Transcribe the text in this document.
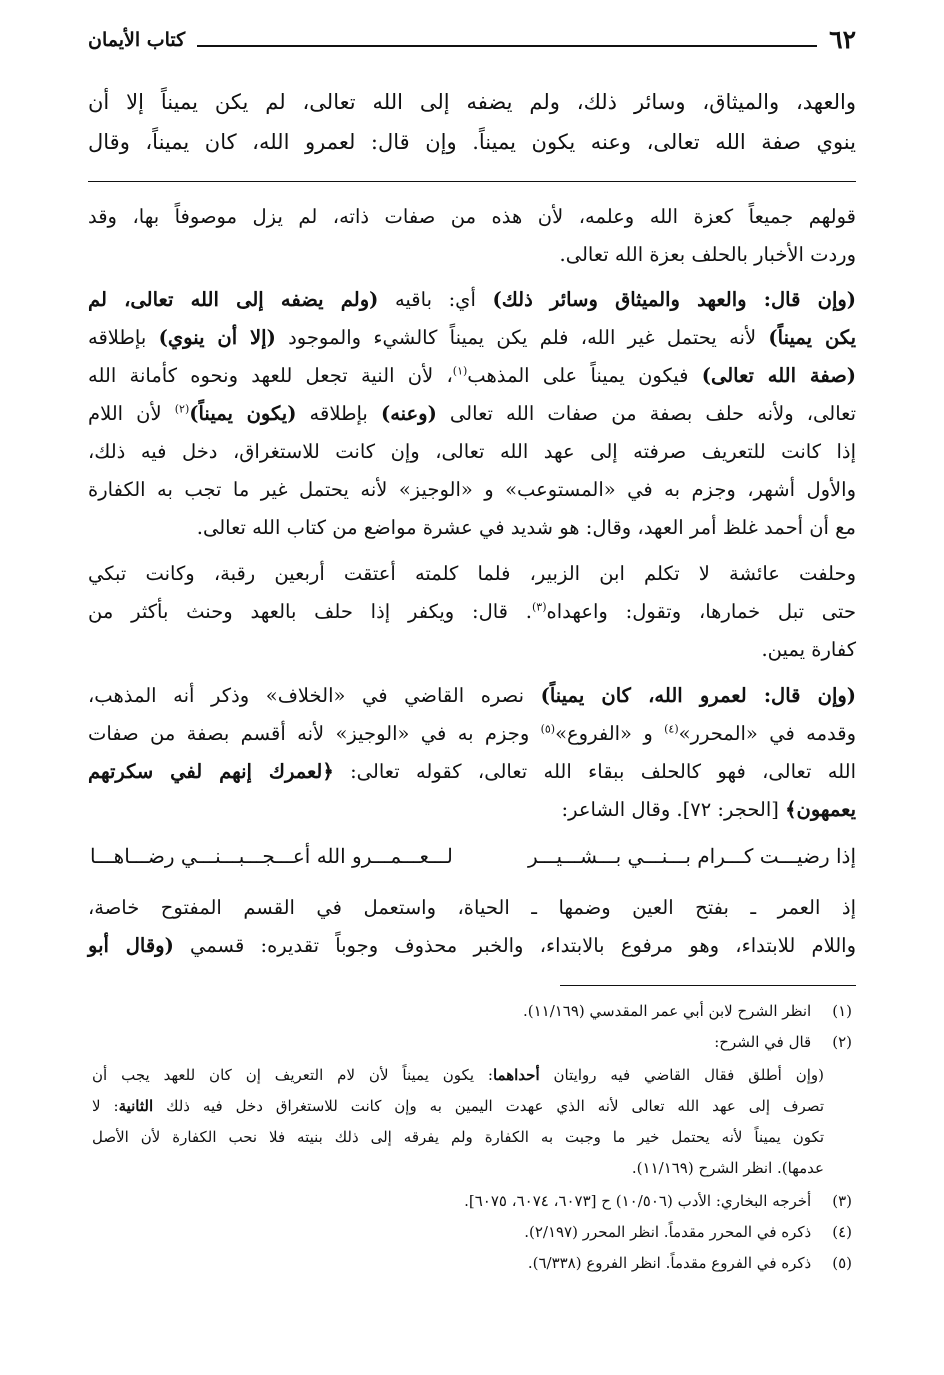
٦٢
كتاب الأيمان
والعهد، والميثاق، وسائر ذلك، ولم يضفه إلى الله تعالى، لم يكن يميناً إلا أن
ينوي صفة الله تعالى، وعنه يكون يميناً. وإن قال: لعمرو الله، كان يميناً، وقال
قولهم جميعاً كعزة الله وعلمه، لأن هذه من صفات ذاته، لم يزل موصوفاً بها، وقد
وردت الأخبار بالحلف بعزة الله تعالى.
(وإن قال: والعهد والميثاق وسائر ذلك) أي: باقيه (ولم يضفه إلى الله تعالى، لم
يكن يميناً) لأنه يحتمل غير الله، فلم يكن يميناً كالشيء والموجود (إلا أن ينوي) بإطلاقه
(صفة الله تعالى) فيكون يميناً على المذهب$^{(١)}$، لأن النية تجعل للعهد ونحوه كأمانة الله
تعالى، ولأنه حلف بصفة من صفات الله تعالى (وعنه) بإطلاقه (يكون يميناً)$^{(٢)}$ لأن اللام
إذا كانت للتعريف صرفته إلى عهد الله تعالى، وإن كانت للاستغراق، دخل فيه ذلك،
والأول أشهر، وجزم به في «المستوعب» و «الوجيز» لأنه يحتمل غير ما تجب به الكفارة
مع أن أحمد غلظ أمر العهد، وقال: هو شديد في عشرة مواضع من كتاب الله تعالى.
وحلفت عائشة لا تكلم ابن الزبير، فلما كلمته أعتقت أربعين رقبة، وكانت تبكي
حتى تبل خمارها، وتقول: واعهداه$^{(٣)}$. قال: ويكفر إذا حلف بالعهد وحنث بأكثر من
كفارة يمين.
(وإن قال: لعمرو الله، كان يميناً) نصره القاضي في «الخلاف» وذكر أنه المذهب،
وقدمه في «المحرر»$^{(٤)}$ و «الفروع»$^{(٥)}$ وجزم به في «الوجيز» لأنه أقسم بصفة من صفات
الله تعالى، فهو كالحلف ببقاء الله تعالى، كقوله تعالى: ﴿لعمرك إنهم لفي سكرتهم
يعمهون﴾ [الحجر: ٧٢]. وقال الشاعر:
إذا رضيـــت كـــرام بـــنـــي بـــشـــيـــر
لـــعـــمـــرو الله أعـــجـــبـــنـــي رضـــاهـــا
إذ العمر ـ بفتح العين وضمها ـ الحياة، واستعمل في القسم المفتوح خاصة،
واللام للابتداء، وهو مرفوع بالابتداء، والخبر محذوف وجوباً تقديره: قسمي (وقال أبو
(١) انظر الشرح لابن أبي عمر المقدسي (١١/١٦٩).
(٢) قال في الشرح:
(وإن أطلق فقال القاضي فيه روايتان أحداهما: يكون يميناً لأن لام التعريف إن كان للعهد يجب أن
تصرف إلى عهد الله تعالى لأنه الذي عهدت اليمين به وإن كانت للاستغراق دخل فيه ذلك الثانية: لا
تكون يميناً لأنه يحتمل خير ما وجبت به الكفارة ولم يفرقه إلى ذلك بنيته فلا نحب الكفارة لأن الأصل
عدمها). انظر الشرح (١١/١٦٩).
(٣) أخرجه البخاري: الأدب (١٠/٥٠٦) ح [٦٠٧٣، ٦٠٧٤، ٦٠٧٥].
(٤) ذكره في المحرر مقدماً. انظر المحرر (٢/١٩٧).
(٥) ذكره في الفروع مقدماً. انظر الفروع (٦/٣٣٨).
